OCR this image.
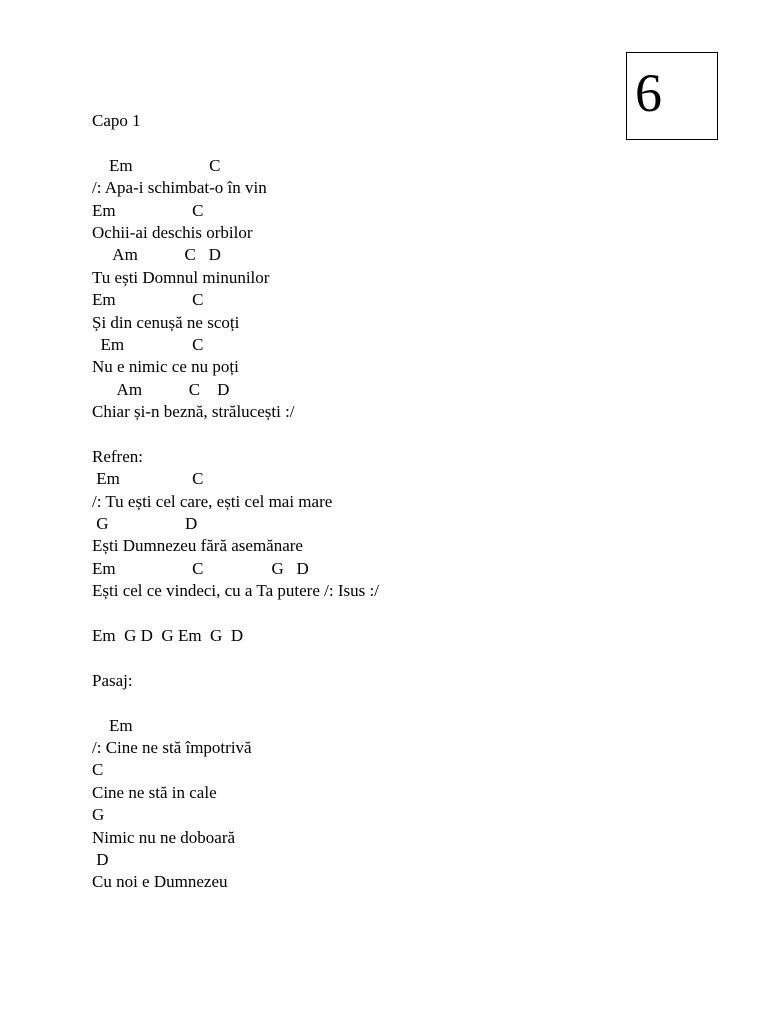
6
Capo 1
Em                  C
/: Apa-i schimbat-o în vin
Em                  C
Ochii-ai deschis orbilor
Am           C   D
Tu ești Domnul minunilor
Em                  C
Și din cenușă ne scoți
Em                C
Nu e nimic ce nu poți
Am           C    D
Chiar și-n beznă, strălucești :/
Refren:
Em                 C
/: Tu ești cel care, ești cel mai mare
G                  D
Ești Dumnezeu fără asemănare
Em                  C                G   D
Ești cel ce vindeci, cu a Ta putere /: Isus :/
Em  G D  G Em  G  D
Pasaj:
Em
/: Cine ne stă împotrivă
C
Cine ne stă in cale
G
Nimic nu ne doboară
D
Cu noi e Dumnezeu
